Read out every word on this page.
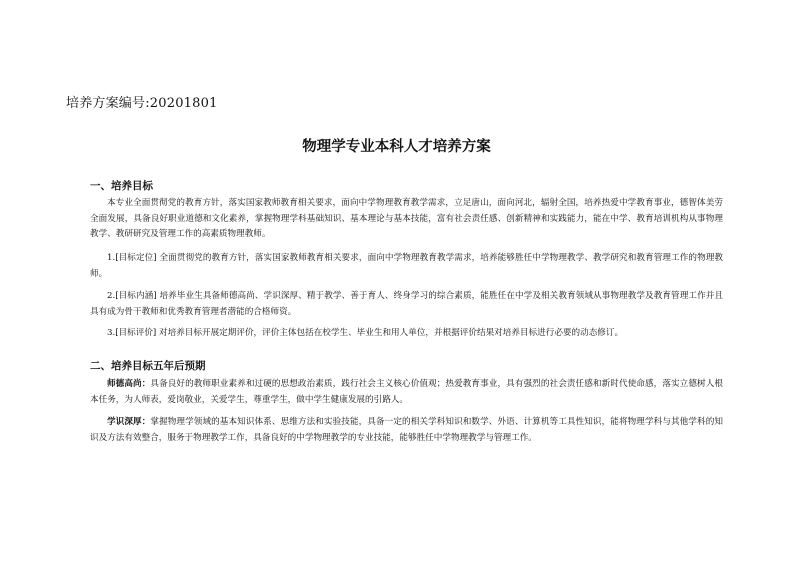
培养方案编号:20201801
物理学专业本科人才培养方案
一、培养目标

本专业全面贯彻党的教育方针，落实国家教师教育相关要求，面向中学物理教育教学需求，立足唐山，面向河北，辐射全国，培养热爱中学教育事业，德智体美劳全面发展，具备良好职业道德和文化素养，掌握物理学科基础知识、基本理论与基本技能，富有社会责任感、创新精神和实践能力，能在中学、教育培训机构从事物理教学、教研研究及管理工作的高素质物理教师。

1.[目标定位] 全面贯彻党的教育方针，落实国家教师教育相关要求，面向中学物理教育教学需求，培养能够胜任中学物理教学、教学研究和教育管理工作的物理教师。

2.[目标内涵] 培养毕业生具备师德高尚、学识深厚、精于教学、善于育人、终身学习的综合素质，能胜任在中学及相关教育领域从事物理教学及教育管理工作并且具有成为骨干教师和优秀教育管理者潜能的合格师资。

3.[目标评价] 对培养目标开展定期评价，评价主体包括在校学生、毕业生和用人单位，并根据评价结果对培养目标进行必要的动态修订。

二、培养目标五年后预期

师德高尚：具备良好的教师职业素养和过硬的思想政治素质，践行社会主义核心价值观；热爱教育事业，具有强烈的社会责任感和新时代使命感，落实立德树人根本任务，为人师表，爱岗敬业，关爱学生，尊重学生，做中学生健康发展的引路人。

学识深厚：掌握物理学领域的基本知识体系、思维方法和实验技能，具备一定的相关学科知识和数学、外语、计算机等工具性知识，能将物理学科与其他学科的知识及方法有效整合，服务于物理教学工作，具备良好的中学物理教学的专业技能，能够胜任中学物理教学与管理工作。
